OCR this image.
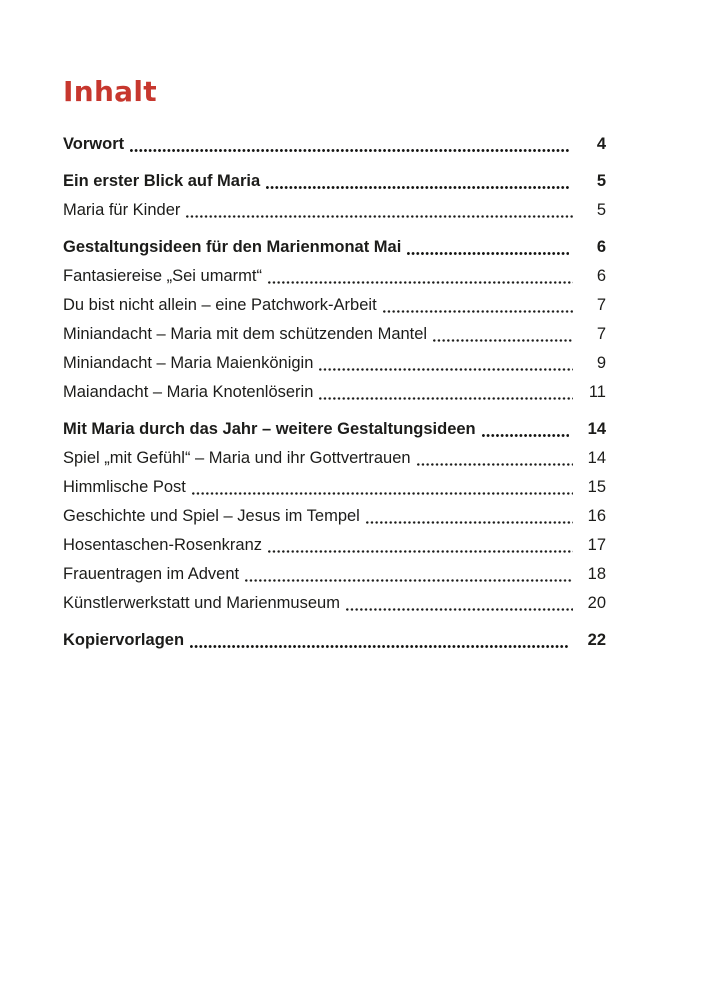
Inhalt
Vorwort	4
Ein erster Blick auf Maria	5
Maria für Kinder	5
Gestaltungsideen für den Marienmonat Mai	6
Fantasiereise „Sei umarmt“	6
Du bist nicht allein – eine Patchwork-Arbeit	7
Miniandacht – Maria mit dem schützenden Mantel	7
Miniandacht – Maria Maienkönigin	9
Maiandacht – Maria Knotenlöserin	11
Mit Maria durch das Jahr – weitere Gestaltungsideen	14
Spiel „mit Gefühl“ – Maria und ihr Gottvertrauen	14
Himmlische Post	15
Geschichte und Spiel – Jesus im Tempel	16
Hosentaschen-Rosenkranz	17
Frauentragen im Advent	18
Künstlerwerkstatt und Marienmuseum	20
Kopiervorlagen	22
